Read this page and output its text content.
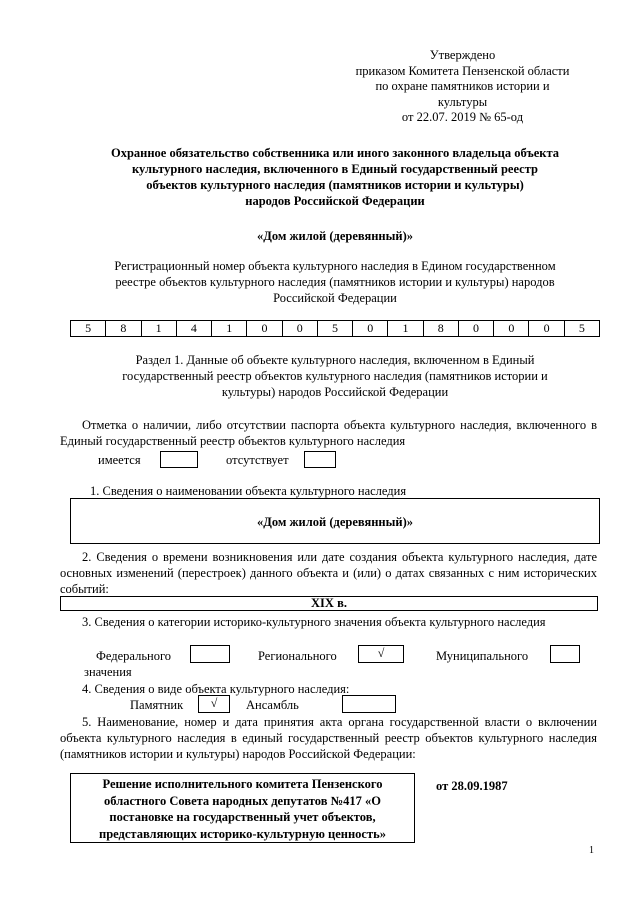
Утверждено
приказом Комитета Пензенской области
по охране памятников истории и
культуры
от 22.07. 2019 № 65-од
Охранное обязательство собственника или иного законного владельца объекта
культурного наследия, включенного в Единый государственный реестр
объектов культурного наследия (памятников истории и культуры)
народов Российской Федерации
«Дом жилой (деревянный)»
Регистрационный номер объекта культурного наследия в Едином государственном
реестре объектов культурного наследия (памятников истории и культуры) народов
Российской Федерации
5	8	1	4	1	0	0	5	0	1	8	0	0	0	5
Раздел 1. Данные об объекте культурного наследия, включенном в Единый
государственный реестр объектов культурного наследия (памятников истории и
культуры) народов Российской Федерации
Отметка о наличии, либо отсутствии паспорта объекта культурного наследия, включенного в Единый государственный реестр объектов культурного наследия
имеется	отсутствует
1. Сведения о наименовании объекта культурного наследия
«Дом жилой (деревянный)»
2. Сведения о времени возникновения или дате создания объекта культурного наследия, дате основных изменений (перестроек) данного объекта и (или) о датах связанных с ним исторических событий:
XIX в.
3. Сведения о категории историко-культурного значения объекта культурного наследия
Федерального	Регионального	√	Муниципального
значения
4. Сведения о виде объекта культурного наследия:
Памятник	√	Ансамбль
5. Наименование, номер и дата принятия акта органа государственной власти о включении объекта культурного наследия в единый государственный реестр объектов культурного наследия (памятников истории и культуры) народов Российской Федерации:
Решение исполнительного комитета Пензенского
областного Совета народных депутатов №417 «О
постановке на государственный учет объектов,
представляющих историко-культурную ценность»
от 28.09.1987
1
